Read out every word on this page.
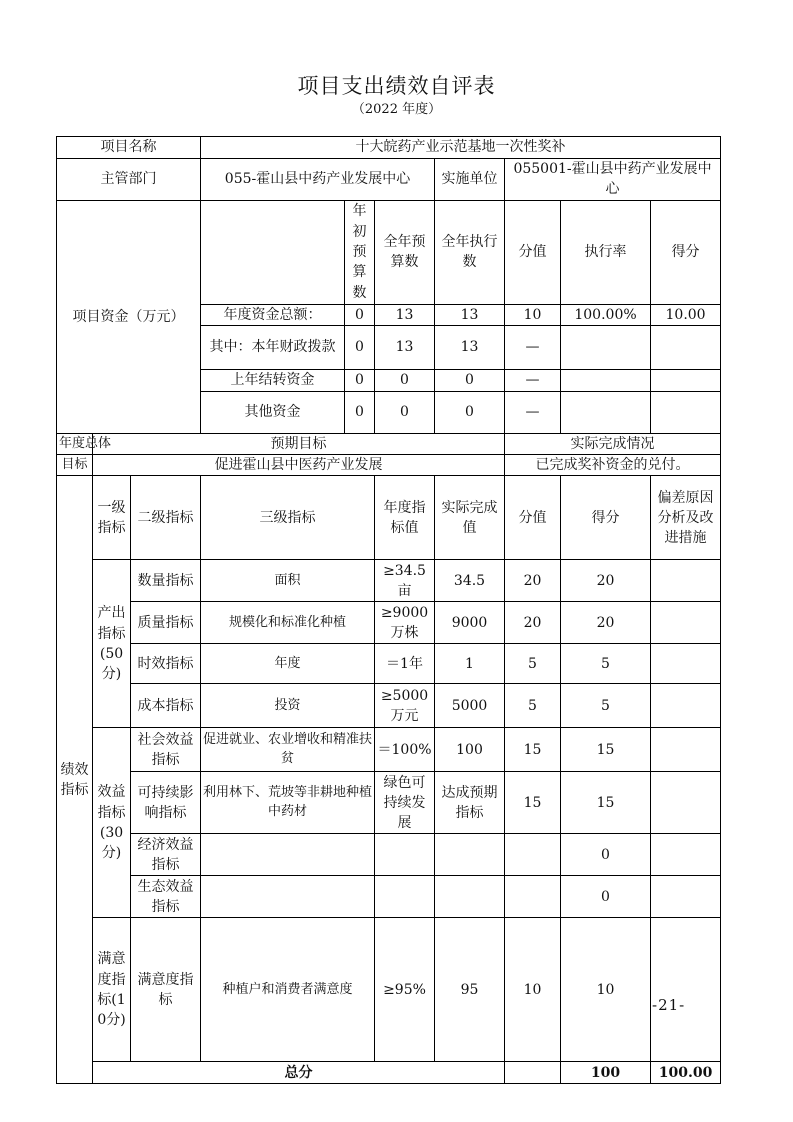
项目支出绩效自评表
（2022 年度）
项目名称			十大皖药产业示范基地一次性奖补							
主管部门			055-霍山县中药产业发展中心			实施单位	055001-霍山县中药产业发展中心			
项目资金（万元）				年初预算数	全年预算数	全年执行数	分值	执行率	得分	
			年度资金总额：	0	13	13	10	100.00%	10.00	
			其中：本年财政拨款	0	13	13	—			
			上年结转资金	0	0	0	—			
			其他资金	0	0	0	—			
年度总体	预期目标						实际完成情况			
目标	促进霍山县中医药产业发展						已完成奖补资金的兑付。			
绩效指标	一级指标	二级指标	三级指标		年度指标值	实际完成值	分值	得分	偏差原因分析及改进措施	
	产出指标(50分)	数量指标	面积		≥34.5亩	34.5	20	20		
		质量指标	规模化和标准化种植		≥9000万株	9000	20	20		
		时效指标	年度		＝1年	1	5	5		
		成本指标	投资		≥5000万元	5000	5	5		
	效益指标(30分)	社会效益指标	促进就业、农业增收和精准扶贫		＝100%	100	15	15		
		可持续影响指标	利用林下、荒坡等非耕地种植中药材		绿色可持续发展	达成预期指标	15	15		
		经济效益指标						0		
		生态效益指标						0		
	满意度指标(10分)	满意度指标	种植户和消费者满意度		≥95%	95	10	10		
	总分							100	100.00	
-21-
